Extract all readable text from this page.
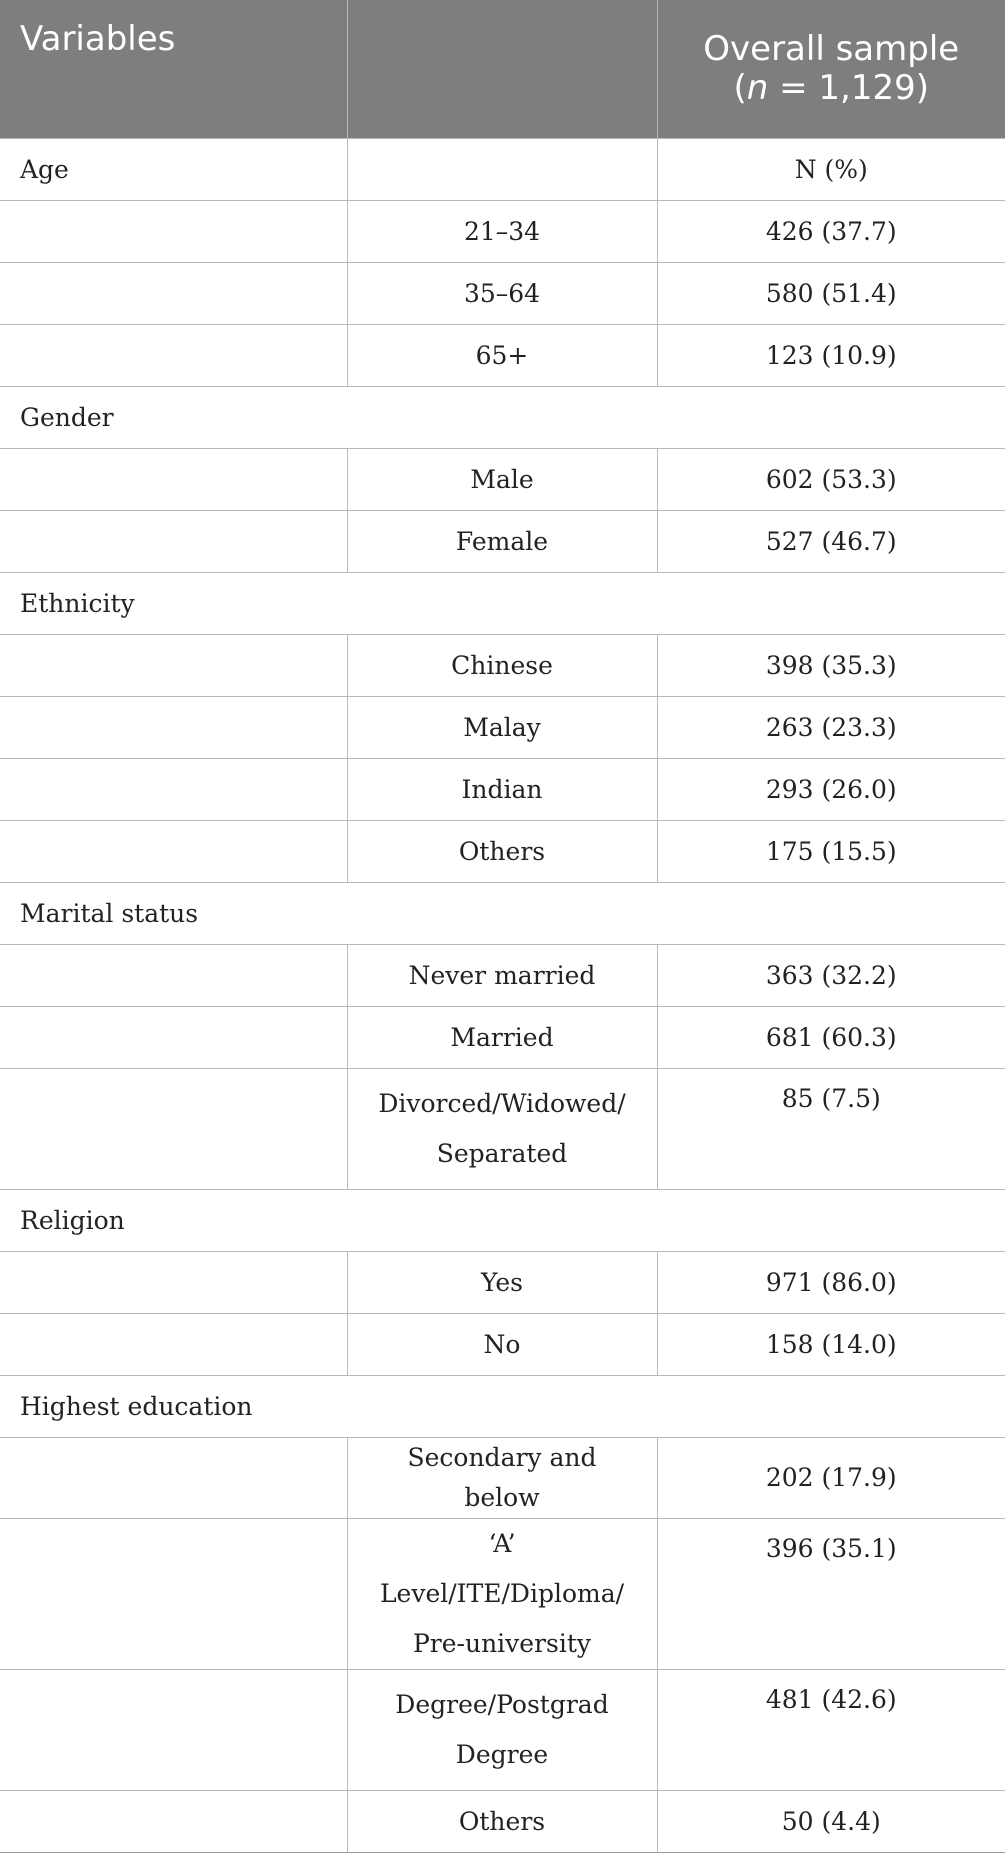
Variables		Overall sample
(n = 1,129)
Age		N (%)
	21–34	426 (37.7)
	35–64	580 (51.4)
	65+	123 (10.9)
Gender		
	Male	602 (53.3)
	Female	527 (46.7)
Ethnicity		
	Chinese	398 (35.3)
	Malay	263 (23.3)
	Indian	293 (26.0)
	Others	175 (15.5)
Marital status		
	Never married	363 (32.2)
	Married	681 (60.3)
	Divorced/Widowed/ Separated	85 (7.5)
Religion		
	Yes	971 (86.0)
	No	158 (14.0)
Highest education		
	Secondary and below	202 (17.9)
	‘A’ Level/ITE/Diploma/ Pre-university	396 (35.1)
	Degree/Postgrad Degree	481 (42.6)
	Others	50 (4.4)
